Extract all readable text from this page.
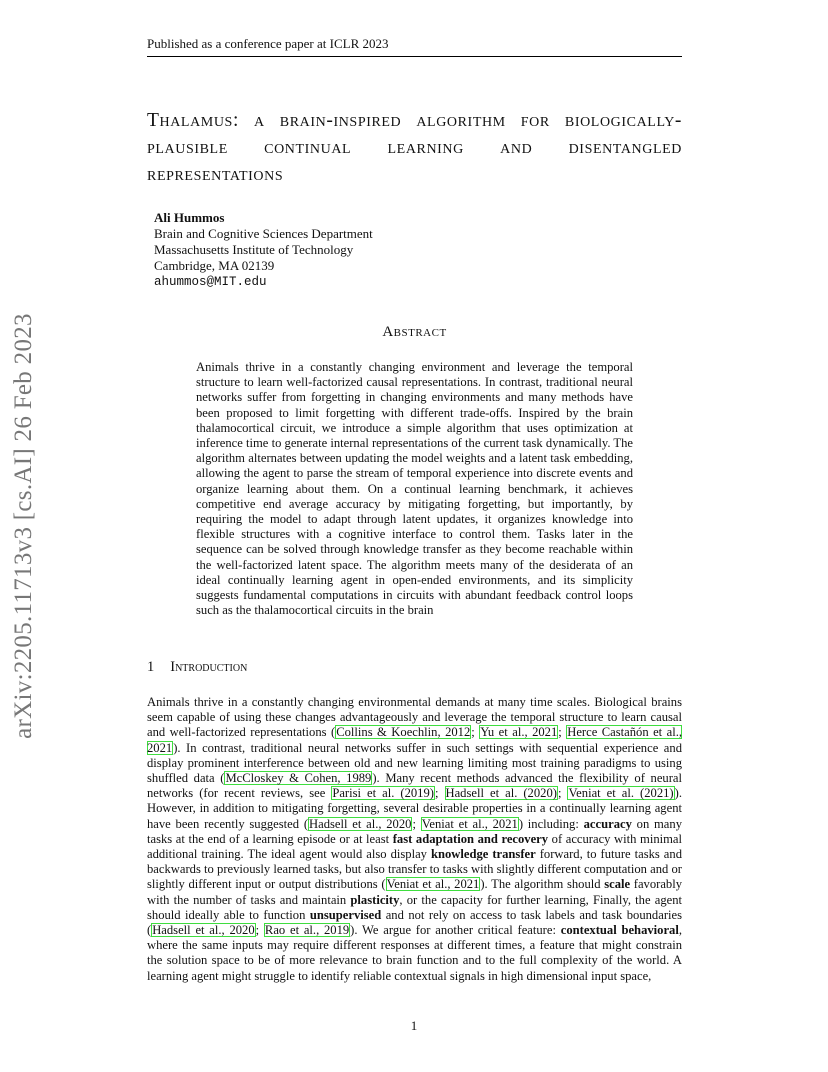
Published as a conference paper at ICLR 2023
arXiv:2205.11713v3 [cs.AI] 26 Feb 2023
Thalamus: a brain-inspired algorithm for biologically-plausible continual learning and disentangled representations
Ali Hummos
Brain and Cognitive Sciences Department
Massachusetts Institute of Technology
Cambridge, MA 02139
ahummos@MIT.edu
Abstract

Animals thrive in a constantly changing environment and leverage the temporal structure to learn well-factorized causal representations. In contrast, traditional neural networks suffer from forgetting in changing environments and many methods have been proposed to limit forgetting with different trade-offs. Inspired by the brain thalamocortical circuit, we introduce a simple algorithm that uses optimization at inference time to generate internal representations of the current task dynamically. The algorithm alternates between updating the model weights and a latent task embedding, allowing the agent to parse the stream of temporal experience into discrete events and organize learning about them. On a continual learning benchmark, it achieves competitive end average accuracy by mitigating forgetting, but importantly, by requiring the model to adapt through latent updates, it organizes knowledge into flexible structures with a cognitive interface to control them. Tasks later in the sequence can be solved through knowledge transfer as they become reachable within the well-factorized latent space. The algorithm meets many of the desiderata of an ideal continually learning agent in open-ended environments, and its simplicity suggests fundamental computations in circuits with abundant feedback control loops such as the thalamocortical circuits in the brain

1 Introduction

Animals thrive in a constantly changing environmental demands at many time scales. Biological brains seem capable of using these changes advantageously and leverage the temporal structure to learn causal and well-factorized representations (Collins & Koechlin, 2012; Yu et al., 2021; Herce Castañón et al., 2021). In contrast, traditional neural networks suffer in such settings with sequential experience and display prominent interference between old and new learning limiting most training paradigms to using shuffled data (McCloskey & Cohen, 1989). Many recent methods advanced the flexibility of neural networks (for recent reviews, see Parisi et al. (2019); Hadsell et al. (2020); Veniat et al. (2021)). However, in addition to mitigating forgetting, several desirable properties in a continually learning agent have been recently suggested (Hadsell et al., 2020; Veniat et al., 2021) including: accuracy on many tasks at the end of a learning episode or at least fast adaptation and recovery of accuracy with minimal additional training. The ideal agent would also display knowledge transfer forward, to future tasks and backwards to previously learned tasks, but also transfer to tasks with slightly different computation and or slightly different input or output distributions (Veniat et al., 2021). The algorithm should scale favorably with the number of tasks and maintain plasticity, or the capacity for further learning, Finally, the agent should ideally able to function unsupervised and not rely on access to task labels and task boundaries (Hadsell et al., 2020; Rao et al., 2019). We argue for another critical feature: contextual behavioral, where the same inputs may require different responses at different times, a feature that might constrain the solution space to be of more relevance to brain function and to the full complexity of the world. A learning agent might struggle to identify reliable contextual signals in high dimensional input space,

1
